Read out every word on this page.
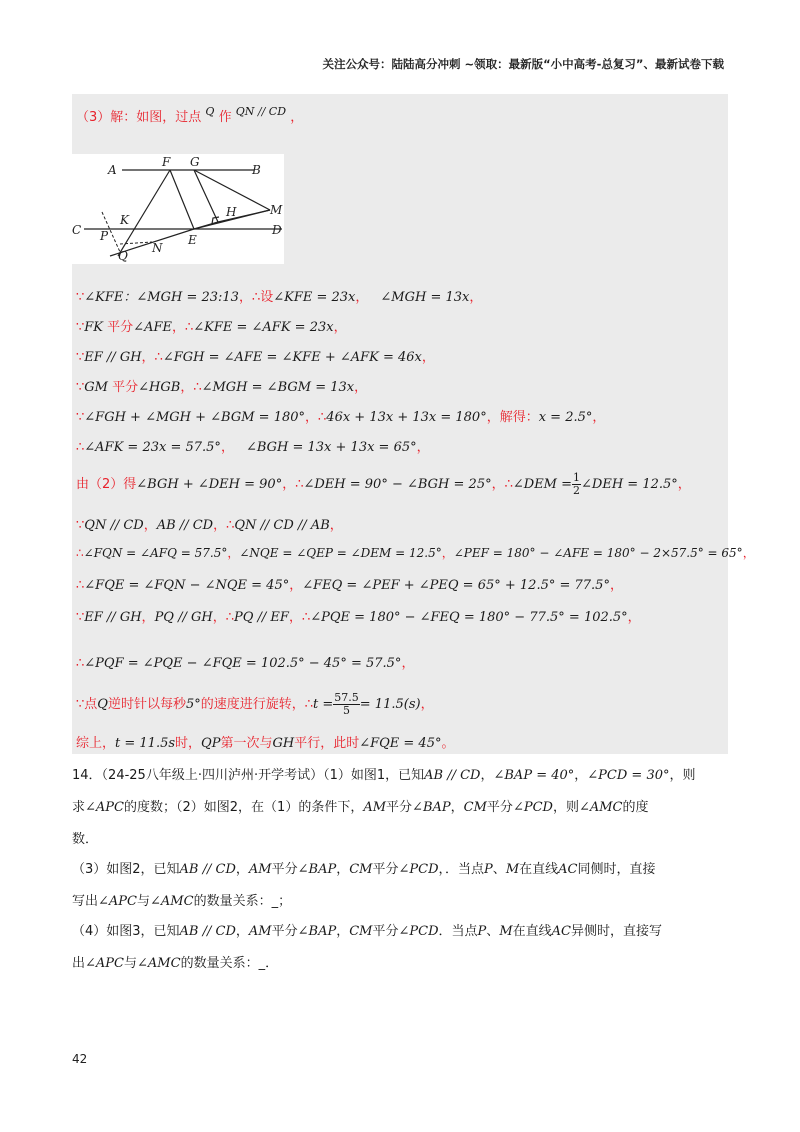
关注公众号：陆陆高分冲刺 ~领取：最新版“小中高考-总复习”、最新试卷下载
（3）解：如图，过点 $^Q$ 作 $^{QN // CD}$ ，
A	B
C	D
E
F G
H	M
K
P
Q
N
∵∠KFE：∠MGH = 23:13，∴设∠KFE = 23x， ∠MGH = 13x，
∵FK 平分∠AFE，∴∠KFE = ∠AFK = 23x，
∵EF // GH，∴∠FGH = ∠AFE = ∠KFE + ∠AFK = 46x，
∵GM 平分∠HGB，∴∠MGH = ∠BGM = 13x，
∵∠FGH + ∠MGH + ∠BGM = 180°，∴46x + 13x + 13x = 180°，解得：x = 2.5°，
∴∠AFK = 23x = 57.5°， ∠BGH = 13x + 13x = 65°，
由（2）得∠BGH + ∠DEH = 90°，∴∠DEH = 90° − ∠BGH = 25°，∴∠DEM = $\frac{1}{2}$ ∠DEH = 12.5°，
∵QN // CD，AB // CD，∴QN // CD // AB，
∴∠FQN = ∠AFQ = 57.5°，∠NQE = ∠QEP = ∠DEM = 12.5°，∠PEF = 180° − ∠AFE = 180° − 2×57.5° = 65°，
∴∠FQE = ∠FQN − ∠NQE = 45°，∠FEQ = ∠PEF + ∠PEQ = 65° + 12.5° = 77.5°，
∵EF // GH，PQ // GH，∴PQ // EF，∴∠PQE = 180° − ∠FEQ = 180° − 77.5° = 102.5°，
∴∠PQF = ∠PQE − ∠FQE = 102.5° − 45° = 57.5°，
∵点Q逆时针以每秒5°的速度进行旋转，∴t = $\frac{57.5}{5} = 11.5(s)$，
综上，t = 11.5s时，QP第一次与GH平行，此时∠FQE = 45°。
14．（24-25八年级上·四川泸州·开学考试）（1）如图1，已知AB // CD，∠BAP = 40°，∠PCD = 30°，则
求∠APC的度数；（2）如图2，在（1）的条件下，AM平分∠BAP，CM平分∠PCD，则∠AMC的度
数．
（3）如图2，已知AB // CD，AM平分∠BAP，CM平分∠PCD，．当点P、M在直线AC同侧时，直接
写出∠APC与∠AMC的数量关系：_；
（4）如图3，已知AB // CD，AM平分∠BAP，CM平分∠PCD．当点P、M在直线AC异侧时，直接写
出∠APC与∠AMC的数量关系：_．
42
